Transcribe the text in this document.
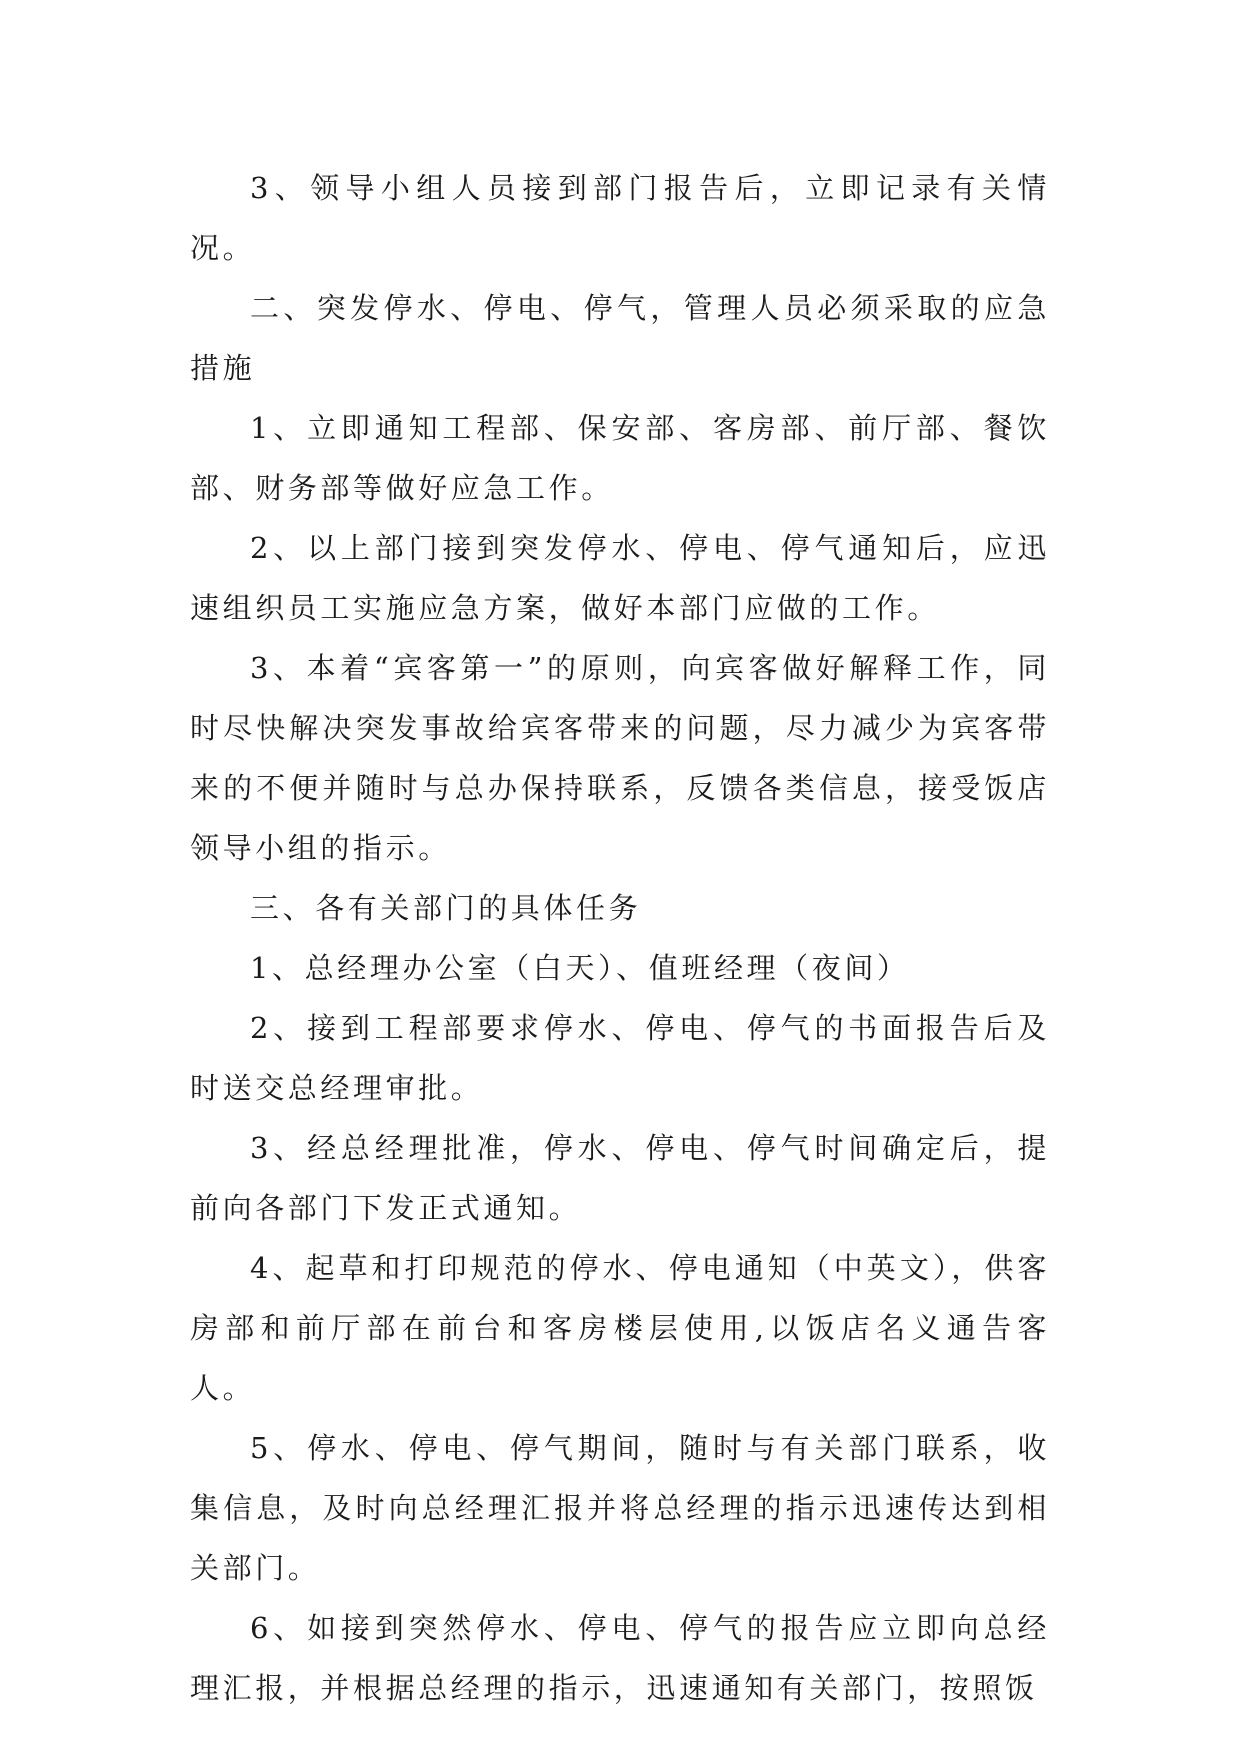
3、领导小组人员接到部门报告后，立即记录有关情况。

二、突发停水、停电、停气，管理人员必须采取的应急措施

1、立即通知工程部、保安部、客房部、前厅部、餐饮部、财务部等做好应急工作。

2、以上部门接到突发停水、停电、停气通知后，应迅速组织员工实施应急方案，做好本部门应做的工作。

3、本着“宾客第一”的原则，向宾客做好解释工作，同时尽快解决突发事故给宾客带来的问题，尽力减少为宾客带来的不便并随时与总办保持联系，反馈各类信息，接受饭店领导小组的指示。

三、各有关部门的具体任务

1、总经理办公室（白天）、值班经理（夜间）

2、接到工程部要求停水、停电、停气的书面报告后及时送交总经理审批。

3、经总经理批准，停水、停电、停气时间确定后，提前向各部门下发正式通知。

4、起草和打印规范的停水、停电通知（中英文），供客房部和前厅部在前台和客房楼层使用,以饭店名义通告客人。

5、停水、停电、停气期间，随时与有关部门联系，收集信息，及时向总经理汇报并将总经理的指示迅速传达到相关部门。

6、如接到突然停水、停电、停气的报告应立即向总经理汇报，并根据总经理的指示，迅速通知有关部门，按照饭
